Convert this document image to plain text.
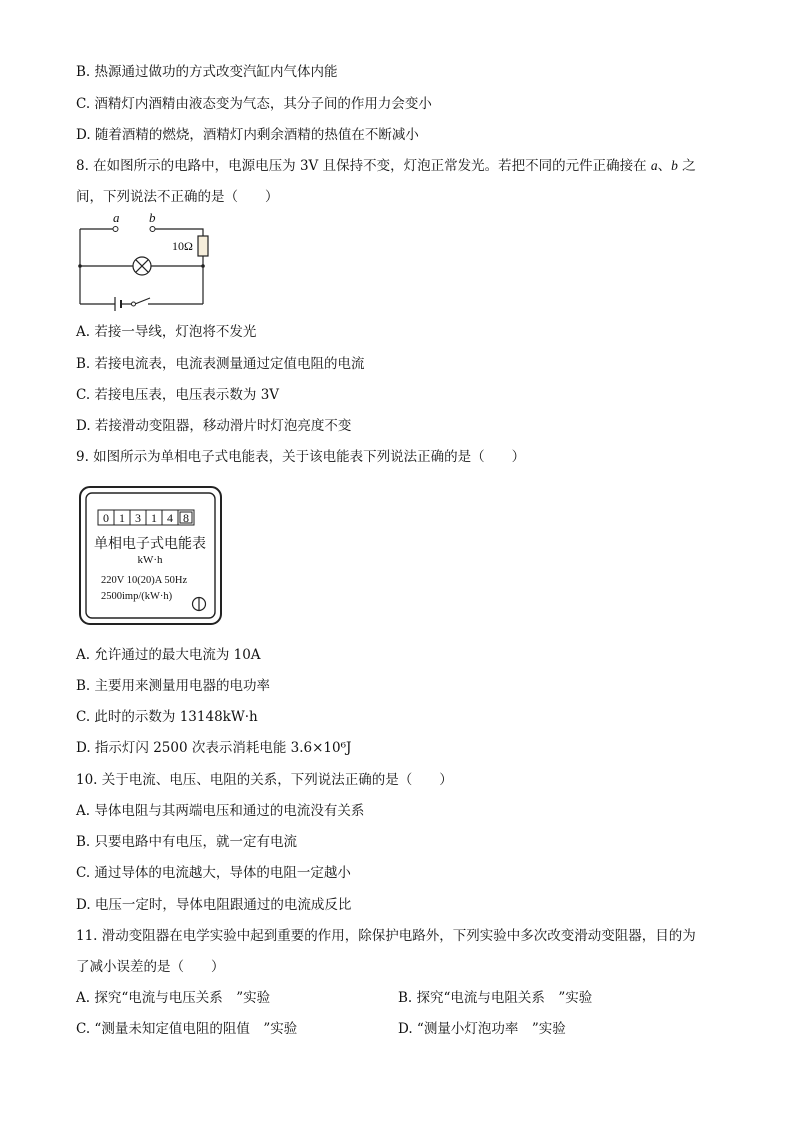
B. 热源通过做功的方式改变汽缸内气体内能
C. 酒精灯内酒精由液态变为气态，其分子间的作用力会变小
D. 随着酒精的燃烧，酒精灯内剩余酒精的热值在不断减小
8. 在如图所示的电路中，电源电压为 3V 且保持不变，灯泡正常发光。若把不同的元件正确接在 a、b 之
间，下列说法不正确的是（　　）
a b
10Ω
A. 若接一导线，灯泡将不发光
B. 若接电流表，电流表测量通过定值电阻的电流
C. 若接电压表，电压表示数为 3V
D. 若接滑动变阻器，移动滑片时灯泡亮度不变
9. 如图所示为单相电子式电能表，关于该电能表下列说法正确的是（　　）
单相电子式电能表
kW·h
220V 10(20)A 50Hz
2500imp/(kW·h)
0 1 3 1 4 8
A. 允许通过的最大电流为 10A
B. 主要用来测量用电器的电功率
C. 此时的示数为 13148kW·h
D. 指示灯闪 2500 次表示消耗电能 3.6×10⁶J
10. 关于电流、电压、电阻的关系，下列说法正确的是（　　）
A. 导体电阻与其两端电压和通过的电流没有关系
B. 只要电路中有电压，就一定有电流
C. 通过导体的电流越大，导体的电阻一定越小
D. 电压一定时，导体电阻跟通过的电流成反比
11. 滑动变阻器在电学实验中起到重要的作用，除保护电路外，下列实验中多次改变滑动变阻器，目的为
了减小误差的是（　　）
A. 探究“电流与电压关系　”实验	B. 探究“电流与电阻关系　”实验
C. “测量未知定值电阻的阻值　”实验	D. “测量小灯泡功率　”实验
